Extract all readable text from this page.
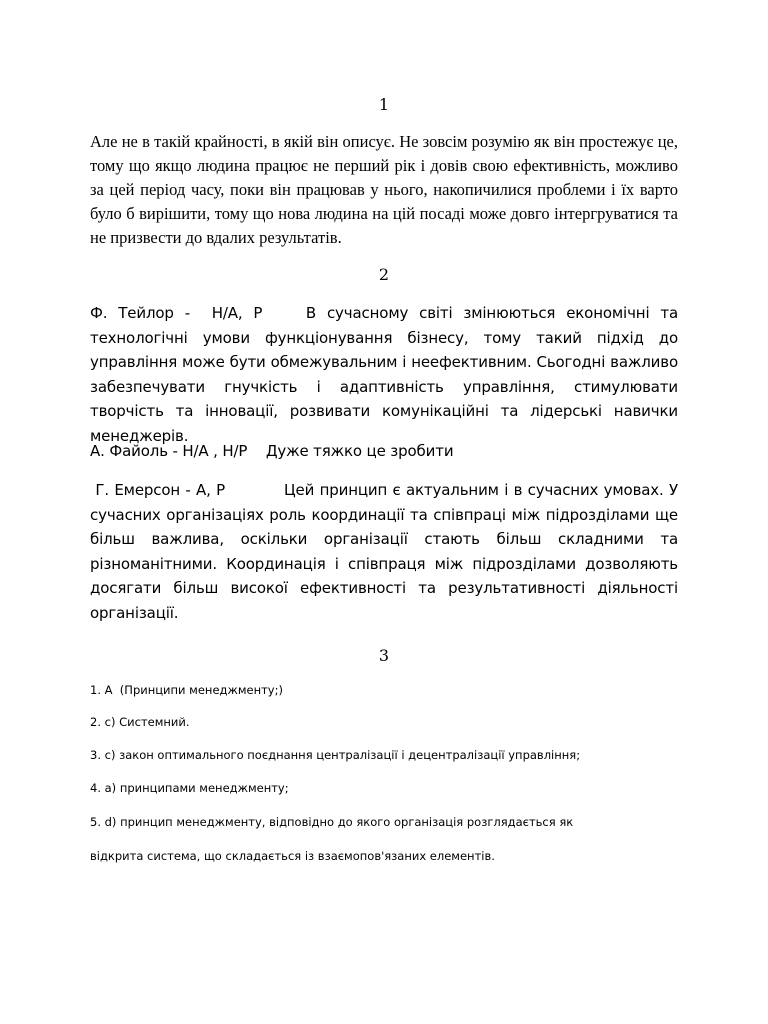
1
Але не в такій крайності, в якій він описує. Не зовсім розумію як він простежує це, тому що якщо людина працює не перший рік і довів свою ефективність, можливо за цей період часу, поки він працював у нього, накопичилися проблеми і їх варто було б вирішити, тому що нова людина на цій посаді може довго інтергруватися та не призвести до вдалих результатів.
2
Ф. Тейлор -  Н/А, Р    В сучасному світі змінюються економічні та технологічні умови функціонування бізнесу, тому такий підхід до управління може бути обмежувальним і неефективним. Сьогодні важливо забезпечувати гнучкість і адаптивність управління, стимулювати творчість та інновації, розвивати комунікаційні та лідерські навички менеджерів.
А. Файоль - Н/А , Н/Р    Дуже тяжко це зробити
Г. Емерсон - А, Р           Цей принцип є актуальним і в сучасних умовах. У сучасних організаціях роль координації та співпраці між підрозділами ще більш важлива, оскільки організації стають більш складними та різноманітними. Координація і співпраця між підрозділами дозволяють досягати більш високої ефективності та результативності діяльності організації.
3
1. А  (Принципи менеджменту;)
2. с) Системний.
3. с) закон оптимального поєднання централізації і децентралізації управління;
4. а) принципами менеджменту;
5. d) принцип менеджменту, відповідно до якого організація розглядається як
відкрита система, що складається із взаємопов'язаних елементів.
